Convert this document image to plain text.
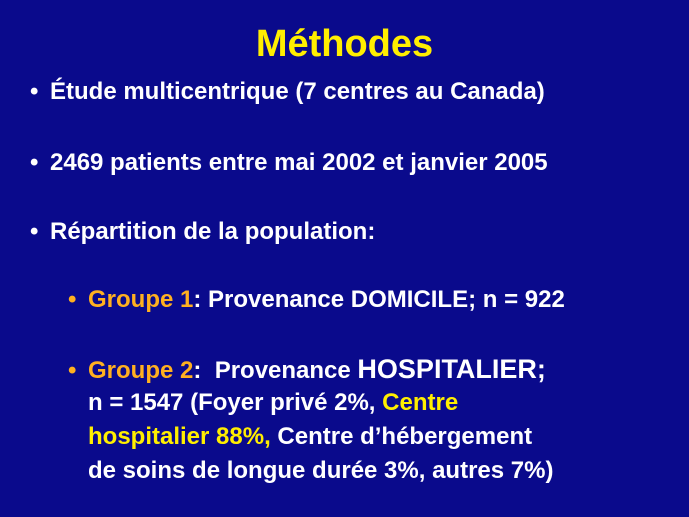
Méthodes
• Étude multicentrique (7 centres au Canada)
• 2469 patients entre mai 2002 et janvier 2005
• Répartition de la population:
• Groupe 1: Provenance DOMICILE; n = 922
• Groupe 2:  Provenance HOSPITALIER;
n = 1547 (Foyer privé 2%, Centre
hospitalier 88%, Centre d’hébergement
de soins de longue durée 3%, autres 7%)
